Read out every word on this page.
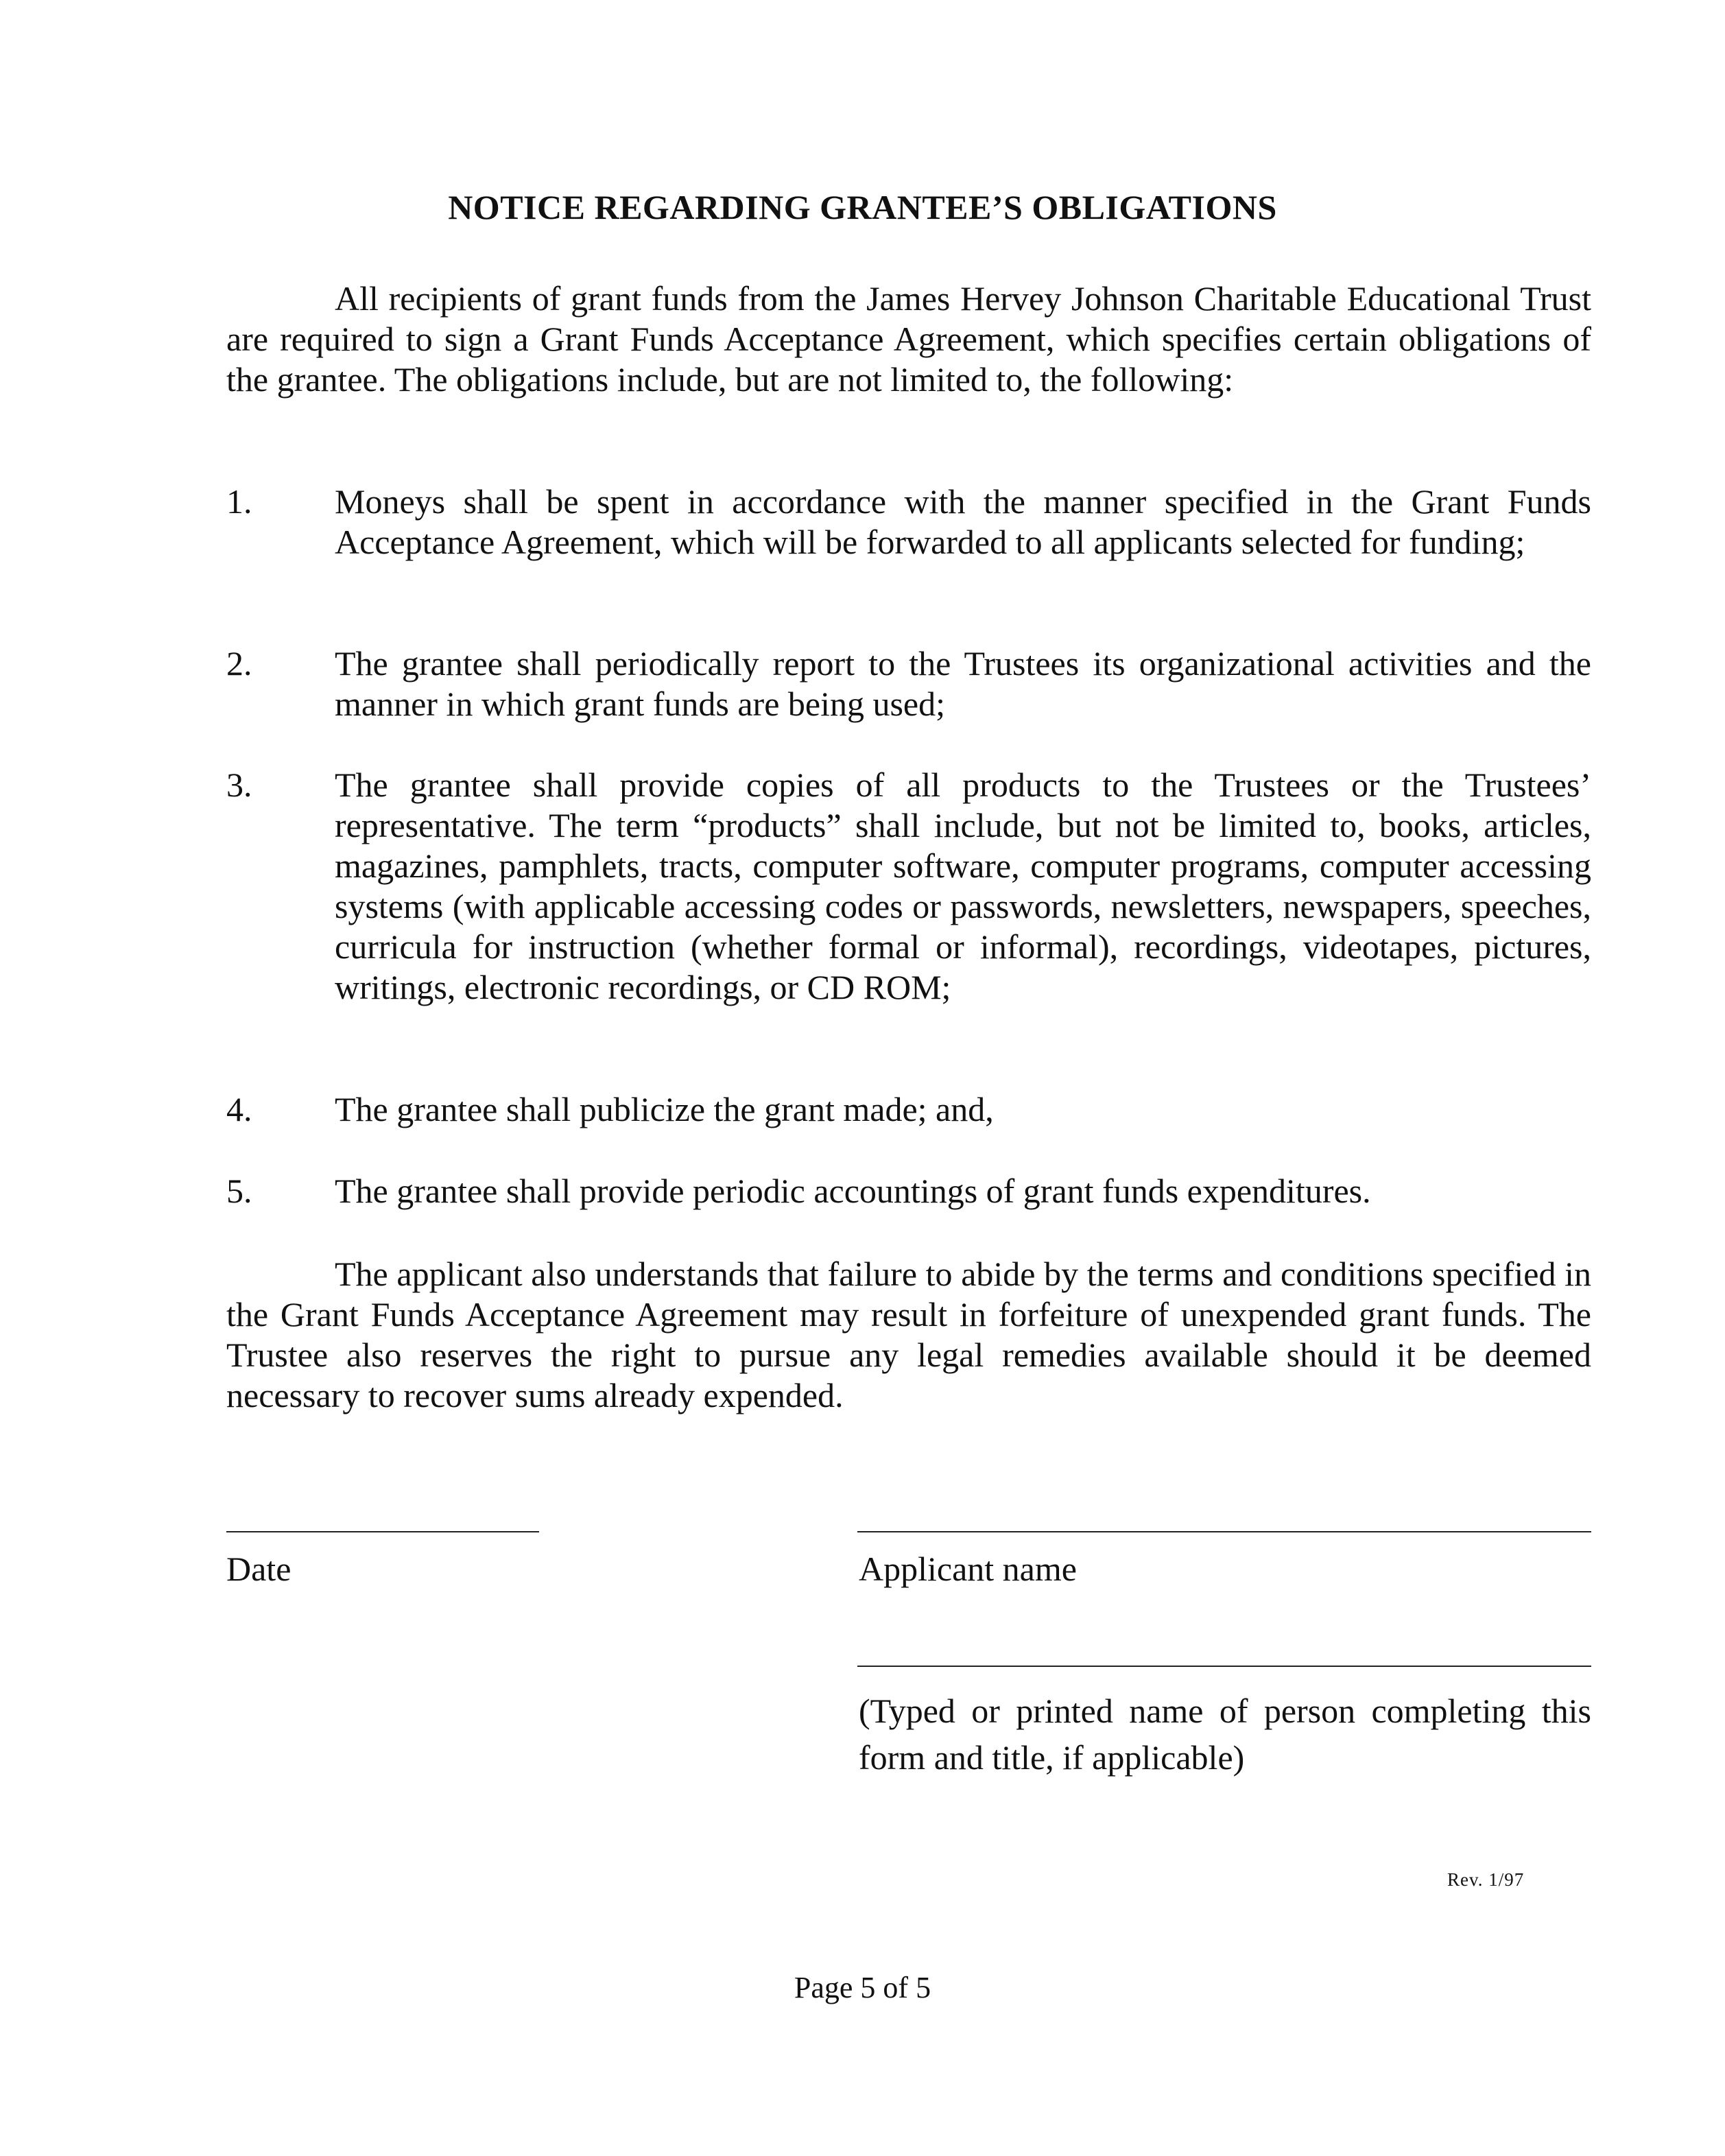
NOTICE REGARDING GRANTEE’S OBLIGATIONS
All recipients of grant funds from the James Hervey Johnson Charitable Educational Trust are required to sign a Grant Funds Acceptance Agreement, which specifies certain obligations of the grantee. The obligations include, but are not limited to, the following:
1.	Moneys shall be spent in accordance with the manner specified in the Grant Funds Acceptance Agreement, which will be forwarded to all applicants selected for funding;
2.	The grantee shall periodically report to the Trustees its organizational activities and the manner in which grant funds are being used;
3.	The grantee shall provide copies of all products to the Trustees or the Trustees’ representative. The term “products” shall include, but not be limited to, books, articles, magazines, pamphlets, tracts, computer software, computer programs, computer accessing systems (with applicable accessing codes or passwords, newsletters, newspapers, speeches, curricula for instruction (whether formal or informal), recordings, videotapes, pictures, writings, electronic recordings, or CD ROM;
4.	The grantee shall publicize the grant made; and,
5.	The grantee shall provide periodic accountings of grant funds expenditures.
The applicant also understands that failure to abide by the terms and conditions specified in the Grant Funds Acceptance Agreement may result in forfeiture of unexpended grant funds. The Trustee also reserves the right to pursue any legal remedies available should it be deemed necessary to recover sums already expended.
Date	Applicant name
(Typed or printed name of person completing this form and title, if applicable)
Rev. 1/97
Page 5 of 5
